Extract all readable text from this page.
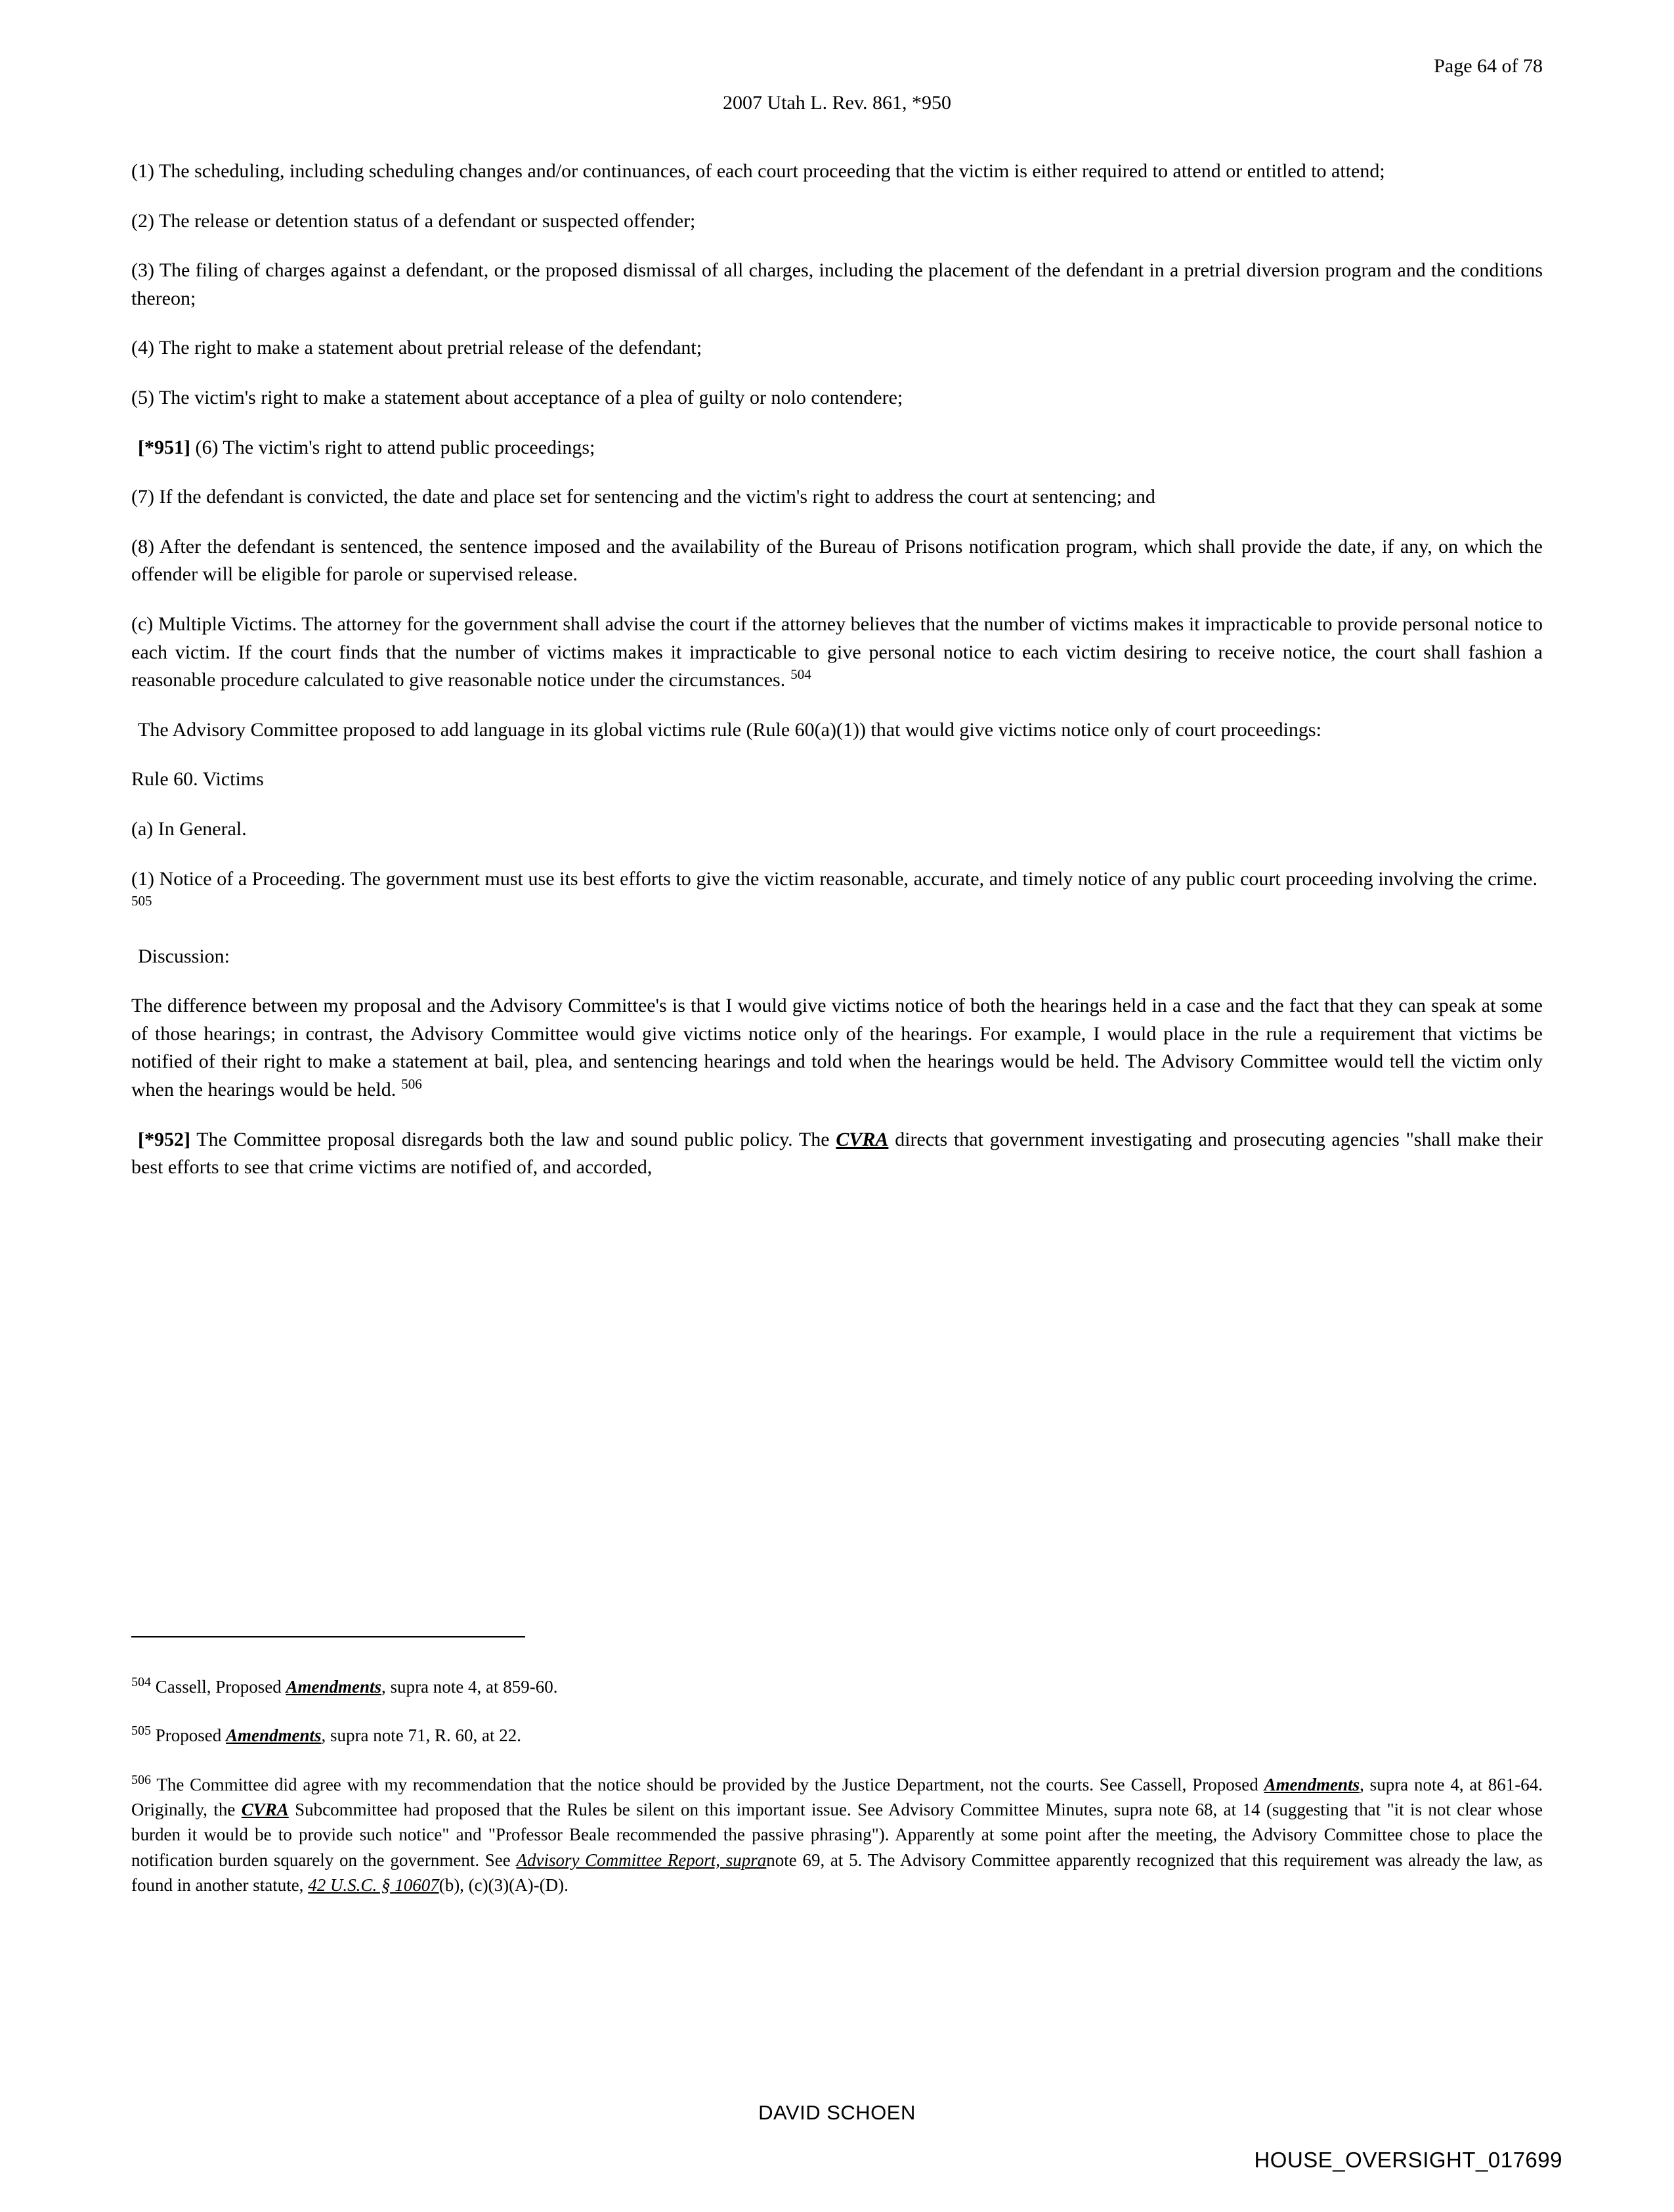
Page 64 of 78
2007 Utah L. Rev. 861, *950

(1) The scheduling, including scheduling changes and/or continuances, of each court proceeding that the victim is either required to attend or entitled to attend;

(2) The release or detention status of a defendant or suspected offender;

(3) The filing of charges against a defendant, or the proposed dismissal of all charges, including the placement of the defendant in a pretrial diversion program and the conditions thereon;

(4) The right to make a statement about pretrial release of the defendant;

(5) The victim's right to make a statement about acceptance of a plea of guilty or nolo contendere;

[*951] (6) The victim's right to attend public proceedings;

(7) If the defendant is convicted, the date and place set for sentencing and the victim's right to address the court at sentencing; and

(8) After the defendant is sentenced, the sentence imposed and the availability of the Bureau of Prisons notification program, which shall provide the date, if any, on which the offender will be eligible for parole or supervised release.

(c) Multiple Victims. The attorney for the government shall advise the court if the attorney believes that the number of victims makes it impracticable to provide personal notice to each victim. If the court finds that the number of victims makes it impracticable to give personal notice to each victim desiring to receive notice, the court shall fashion a reasonable procedure calculated to give reasonable notice under the circumstances. $^{504}$

The Advisory Committee proposed to add language in its global victims rule (Rule 60(a)(1)) that would give victims notice only of court proceedings:

Rule 60. Victims

(a) In General.

(1) Notice of a Proceeding. The government must use its best efforts to give the victim reasonable, accurate, and timely notice of any public court proceeding involving the crime.$^{505}$

Discussion:

The difference between my proposal and the Advisory Committee's is that I would give victims notice of both the hearings held in a case and the fact that they can speak at some of those hearings; in contrast, the Advisory Committee would give victims notice only of the hearings. For example, I would place in the rule a requirement that victims be notified of their right to make a statement at bail, plea, and sentencing hearings and told when the hearings would be held. The Advisory Committee would tell the victim only when the hearings would be held. $^{506}$

[*952] The Committee proposal disregards both the law and sound public policy. The CVRA directs that government investigating and prosecuting agencies "shall make their best efforts to see that crime victims are notified of, and accorded,

$^{504}$ Cassell, Proposed Amendments, supra note 4, at 859-60.

$^{505}$ Proposed Amendments, supra note 71, R. 60, at 22.

$^{506}$ The Committee did agree with my recommendation that the notice should be provided by the Justice Department, not the courts. See Cassell, Proposed Amendments, supra note 4, at 861-64. Originally, the CVRA Subcommittee had proposed that the Rules be silent on this important issue. See Advisory Committee Minutes, supra note 68, at 14 (suggesting that "it is not clear whose burden it would be to provide such notice" and "Professor Beale recommended the passive phrasing"). Apparently at some point after the meeting, the Advisory Committee chose to place the notification burden squarely on the government. See Advisory Committee Report, supranote 69, at 5. The Advisory Committee apparently recognized that this requirement was already the law, as found in another statute, 42 U.S.C. § 10607(b), (c)(3)(A)-(D).

DAVID SCHOEN
HOUSE_OVERSIGHT_017699
